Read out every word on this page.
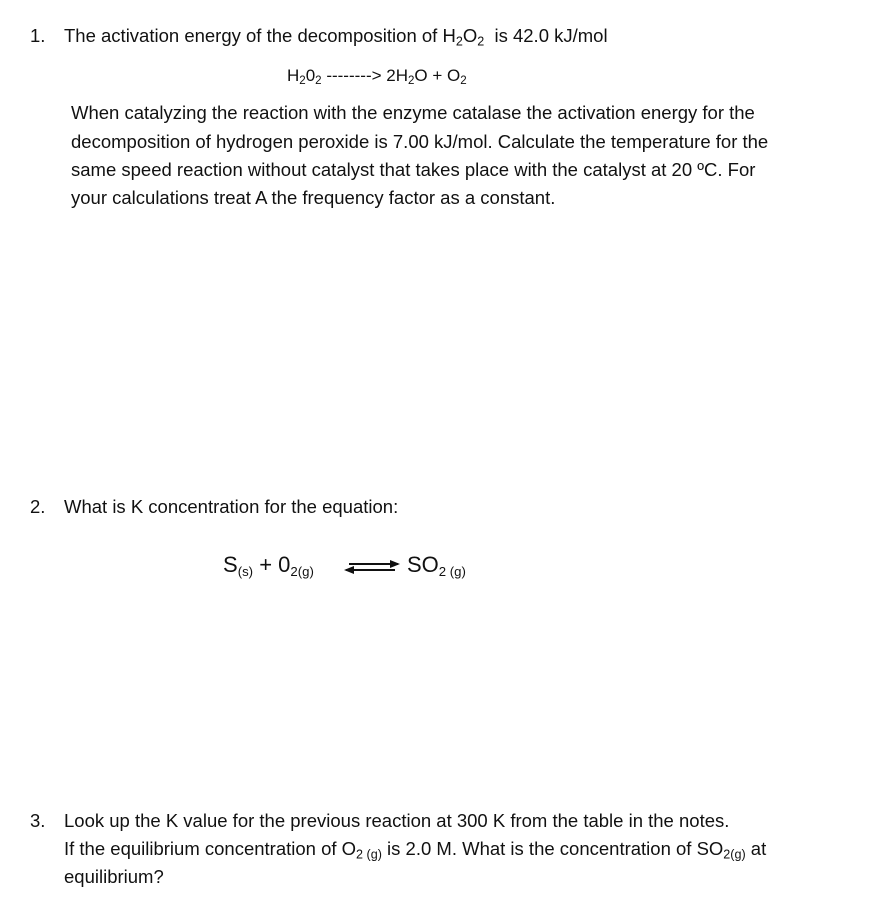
1.	The activation energy of the decomposition of $H_2O_2$  is 42.0 kJ/mol
$H_20_2$ --------> $2H_2O + O_2$
When catalyzing the reaction with the enzyme catalase the activation energy for the
decomposition of hydrogen peroxide is 7.00 kJ/mol. Calculate the temperature for the
same speed reaction without catalyst that takes place with the catalyst at 20 ºC. For
your calculations treat A the frequency factor as a constant.
2.	What is K concentration for the equation:
$S_{(s)} + 0_{2(g)}$ ⇌ $SO_{2 (g)}$
3.	Look up the K value for the previous reaction at 300 K from the table in the notes.
If the equilibrium concentration of $O_{2 (g)}$ is 2.0 M. What is the concentration of $SO_{2(g)}$ at
equilibrium?
